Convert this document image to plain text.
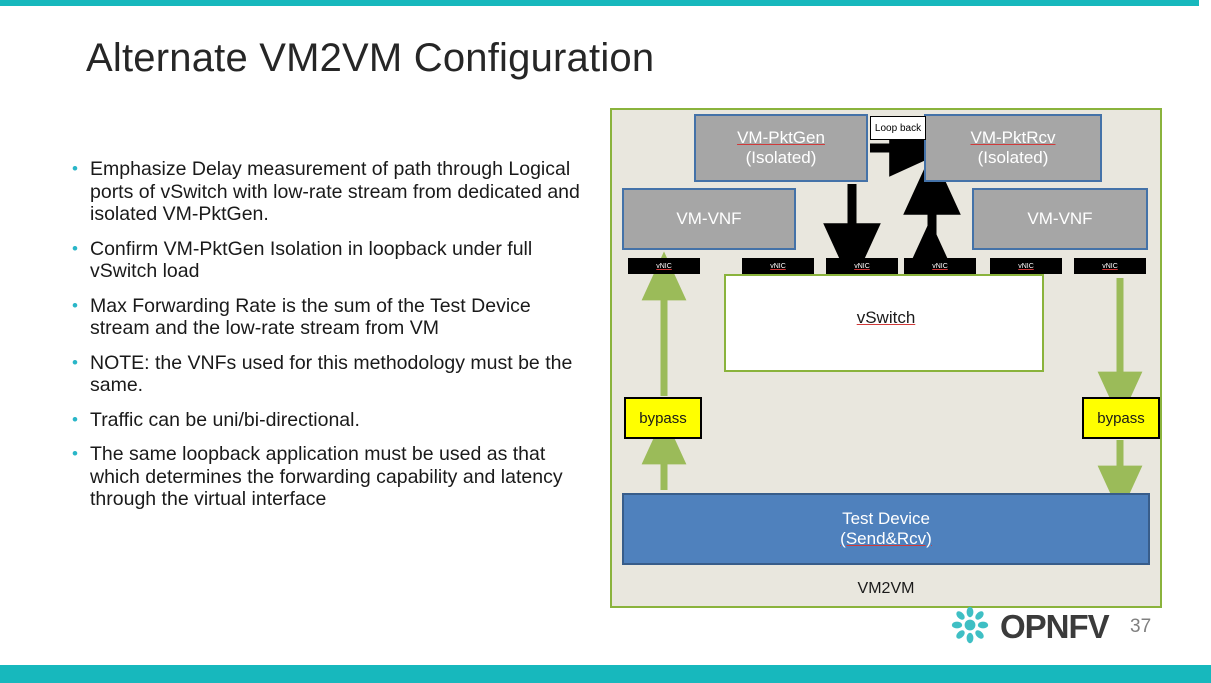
Alternate VM2VM Configuration
• Emphasize Delay measurement of path through Logical ports of vSwitch with low-rate stream from dedicated and isolated VM-PktGen.
• Confirm VM-PktGen Isolation in loopback under full vSwitch load
• Max Forwarding Rate is the sum of the Test Device stream and the low-rate stream from VM
• NOTE: the VNFs used for this methodology must be the same.
• Traffic can be uni/bi-directional.
• The same loopback application must be used as that which determines the forwarding capability and latency through the virtual interface
VM-PktGen
(Isolated)
VM-PktRcv
(Isolated)
Loop back
VM-VNF	VM-VNF
vSwitch
vNIC	vNIC	vNIC	vNIC	vNIC	vNIC
bypass	bypass
Test Device
(Send&Rcv)
VM2VM
OPNFV 37
